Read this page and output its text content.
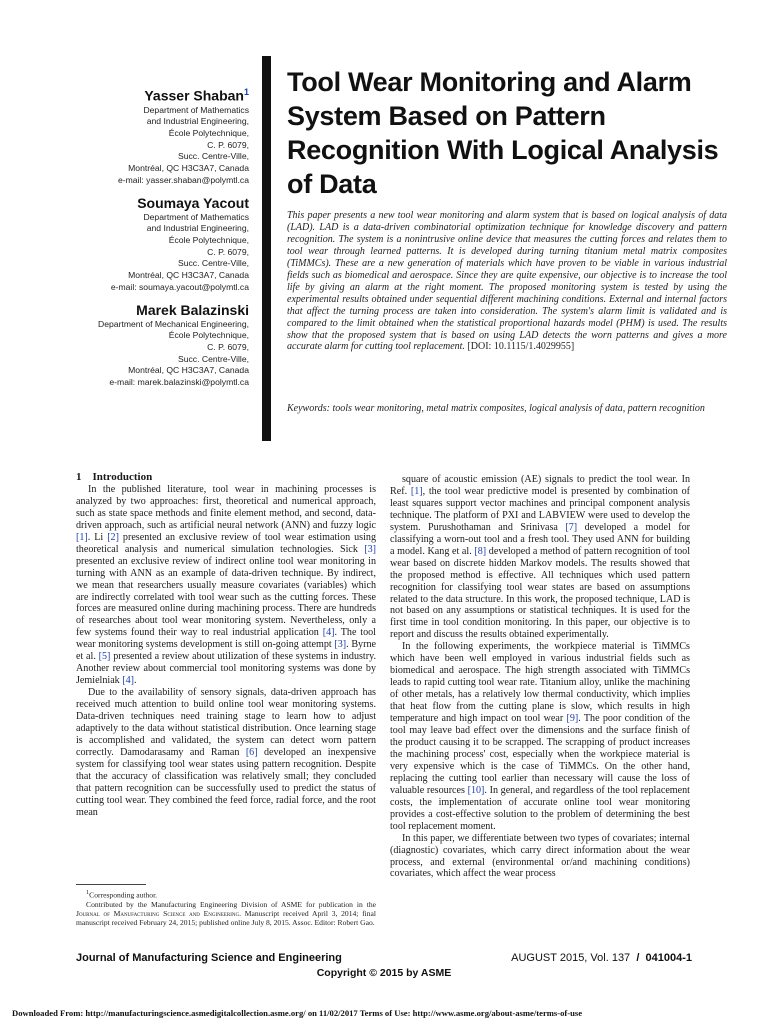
Yasser Shaban$^1$
Department of Mathematics
and Industrial Engineering,
École Polytechnique,
C. P. 6079,
Succ. Centre-Ville,
Montréal, QC H3C3A7, Canada
e-mail: yasser.shaban@polymtl.ca
Soumaya Yacout
Department of Mathematics
and Industrial Engineering,
École Polytechnique,
C. P. 6079,
Succ. Centre-Ville,
Montréal, QC H3C3A7, Canada
e-mail: soumaya.yacout@polymtl.ca
Marek Balazinski
Department of Mechanical Engineering,
École Polytechnique,
C. P. 6079,
Succ. Centre-Ville,
Montréal, QC H3C3A7, Canada
e-mail: marek.balazinski@polymtl.ca
Tool Wear Monitoring and Alarm System Based on Pattern Recognition With Logical Analysis of Data

This paper presents a new tool wear monitoring and alarm system that is based on logical analysis of data (LAD). LAD is a data-driven combinatorial optimization technique for knowledge discovery and pattern recognition. The system is a nonintrusive online device that measures the cutting forces and relates them to tool wear through learned patterns. It is developed during turning titanium metal matrix composites (TiMMCs). These are a new generation of materials which have proven to be viable in various industrial fields such as biomedical and aerospace. Since they are quite expensive, our objective is to increase the tool life by giving an alarm at the right moment. The proposed monitoring system is tested by using the experimental results obtained under sequential different machining conditions. External and internal factors that affect the turning process are taken into consideration. The system's alarm limit is validated and is compared to the limit obtained when the statistical proportional hazards model (PHM) is used. The results show that the proposed system that is based on using LAD detects the worn patterns and gives a more accurate alarm for cutting tool replacement. [DOI: 10.1115/1.4029955]

Keywords: tools wear monitoring, metal matrix composites, logical analysis of data, pattern recognition

1 Introduction

In the published literature, tool wear in machining processes is analyzed by two approaches: first, theoretical and numerical approach, such as state space methods and finite element method, and second, data-driven approach, such as artificial neural network (ANN) and fuzzy logic [1]. Li [2] presented an exclusive review of tool wear estimation using theoretical analysis and numerical simulation technologies. Sick [3] presented an exclusive review of indirect online tool wear monitoring in turning with ANN as an example of data-driven technique. By indirect, we mean that researchers usually measure covariates (variables) which are indirectly correlated with tool wear such as the cutting forces. These forces are measured online during machining process. There are hundreds of researches about tool wear monitoring system. Nevertheless, only a few systems found their way to real industrial application [4]. The tool wear monitoring systems development is still on-going attempt [3]. Byrne et al. [5] presented a review about utilization of these systems in industry. Another review about commercial tool monitoring systems was done by Jemielniak [4].

Due to the availability of sensory signals, data-driven approach has received much attention to build online tool wear monitoring systems. Data-driven techniques need training stage to learn how to adjust adaptively to the data without statistical distribution. Once learning stage is accomplished and validated, the system can detect worn pattern correctly. Damodarasamy and Raman [6] developed an inexpensive system for classifying tool wear states using pattern recognition. Despite that the accuracy of classification was relatively small; they concluded that pattern recognition can be successfully used to predict the status of cutting tool wear. They combined the feed force, radial force, and the root mean

$^1$Corresponding author.

Contributed by the Manufacturing Engineering Division of ASME for publication in the Journal of Manufacturing Science and Engineering. Manuscript received April 3, 2014; final manuscript received February 24, 2015; published online July 8, 2015. Assoc. Editor: Robert Gao.

square of acoustic emission (AE) signals to predict the tool wear. In Ref. [1], the tool wear predictive model is presented by combination of least squares support vector machines and principal component analysis technique. The platform of PXI and LABVIEW were used to develop the system. Purushothaman and Srinivasa [7] developed a model for classifying a worn-out tool and a fresh tool. They used ANN for building a model. Kang et al. [8] developed a method of pattern recognition of tool wear based on discrete hidden Markov models. The results showed that the proposed method is effective. All techniques which used pattern recognition for classifying tool wear states are based on assumptions related to the data structure. In this work, the proposed technique, LAD is not based on any assumptions or statistical techniques. It is used for the first time in tool condition monitoring. In this paper, our objective is to report and discuss the results obtained experimentally.

In the following experiments, the workpiece material is TiMMCs which have been well employed in various industrial fields such as biomedical and aerospace. The high strength associated with TiMMCs leads to rapid cutting tool wear rate. Titanium alloy, unlike the machining of other metals, has a relatively low thermal conductivity, which implies that heat flow from the cutting plane is slow, which results in high temperature and high impact on tool wear [9]. The poor condition of the tool may leave bad effect over the dimensions and the surface finish of the product causing it to be scrapped. The scrapping of product increases the machining process' cost, especially when the workpiece material is very expensive which is the case of TiMMCs. On the other hand, replacing the cutting tool earlier than necessary will cause the loss of valuable resources [10]. In general, and regardless of the tool replacement costs, the implementation of accurate online tool wear monitoring provides a cost-effective solution to the problem of determining the best tool replacement moment.

In this paper, we differentiate between two types of covariates; internal (diagnostic) covariates, which carry direct information about the wear process, and external (environmental or/and machining conditions) covariates, which affect the wear process

Journal of Manufacturing Science and Engineering	AUGUST 2015, Vol. 137 / 041004-1
Copyright © 2015 by ASME
Downloaded From: http://manufacturingscience.asmedigitalcollection.asme.org/ on 11/02/2017 Terms of Use: http://www.asme.org/about-asme/terms-of-use
